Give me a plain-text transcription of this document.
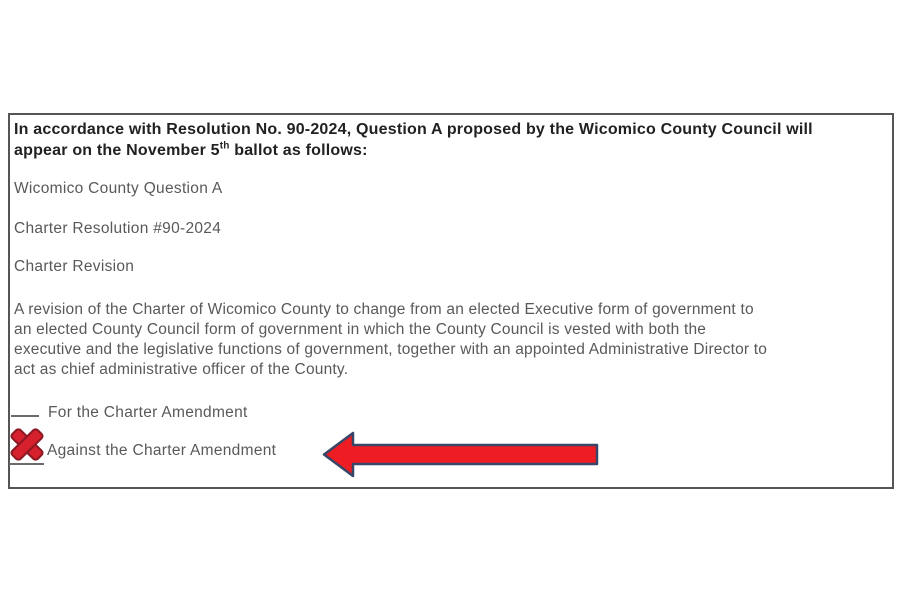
In accordance with Resolution No. 90-2024, Question A proposed by the Wicomico County Council will
appear on the November 5th ballot as follows:
Wicomico County Question A
Charter Resolution #90-2024
Charter Revision
A revision of the Charter of Wicomico County to change from an elected Executive form of government to
an elected County Council form of government in which the County Council is vested with both the
executive and the legislative functions of government, together with an appointed Administrative Director to
act as chief administrative officer of the County.
For the Charter Amendment
Against the Charter Amendment
